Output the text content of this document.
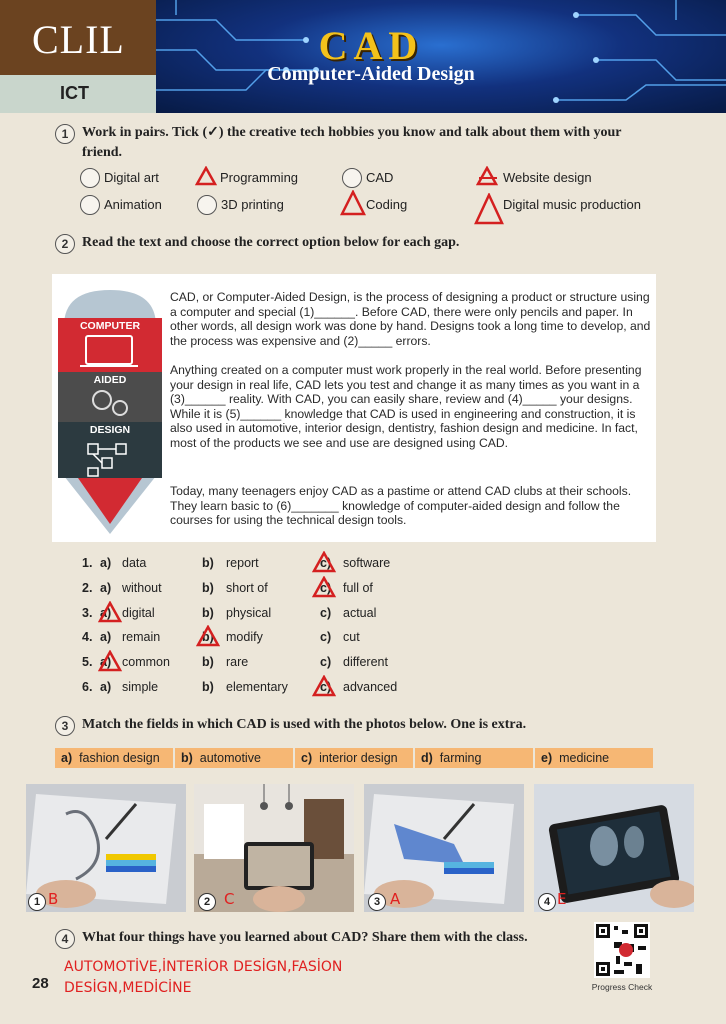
CLIL
ICT
CAD
Computer-Aided Design
1 Work in pairs. Tick (✓) the creative tech hobbies you know and talk about them with your friend.
Digital art	Programming	CAD	Website design
Animation	3D printing	Coding	Digital music production
2 Read the text and choose the correct option below for each gap.
COMPUTER
AIDED
DESIGN
CAD, or Computer-Aided Design, is the process of designing a product or structure using a computer and special (1)______. Before CAD, there were only pencils and paper. In other words, all design work was done by hand. Designs took a long time to develop, and the process was expensive and (2)_____ errors.
Anything created on a computer must work properly in the real world. Before presenting your design in real life, CAD lets you test and change it as many times as you want in a (3)______ reality. With CAD, you can easily share, review and (4)_____ your designs. While it is (5)______ knowledge that CAD is used in engineering and construction, it is also used in automotive, interior design, dentistry, fashion design and medicine. In fact, most of the products we see and use are designed using CAD.
Today, many teenagers enjoy CAD as a pastime or attend CAD clubs at their schools. They learn basic to (6)_______ knowledge of computer-aided design and follow the courses for using the technical design tools.
1. a) data	b) report	c) software
2. a) without	b) short of	c) full of
3. a) digital	b) physical	c) actual
4. a) remain	b) modify	c) cut
5. a) common	b) rare	c) different
6. a) simple	b) elementary	c) advanced
3 Match the fields in which CAD is used with the photos below. One is extra.
a) fashion design	b) automotive	c) interior design	d) farming	e) medicine
1 B	2 C	3 A	4 E
4 What four things have you learned about CAD? Share them with the class.
AUTOMOTİVE,İNTERİOR DESİGN,FASİON
DESİGN,MEDİCİNE
28	Progress Check
